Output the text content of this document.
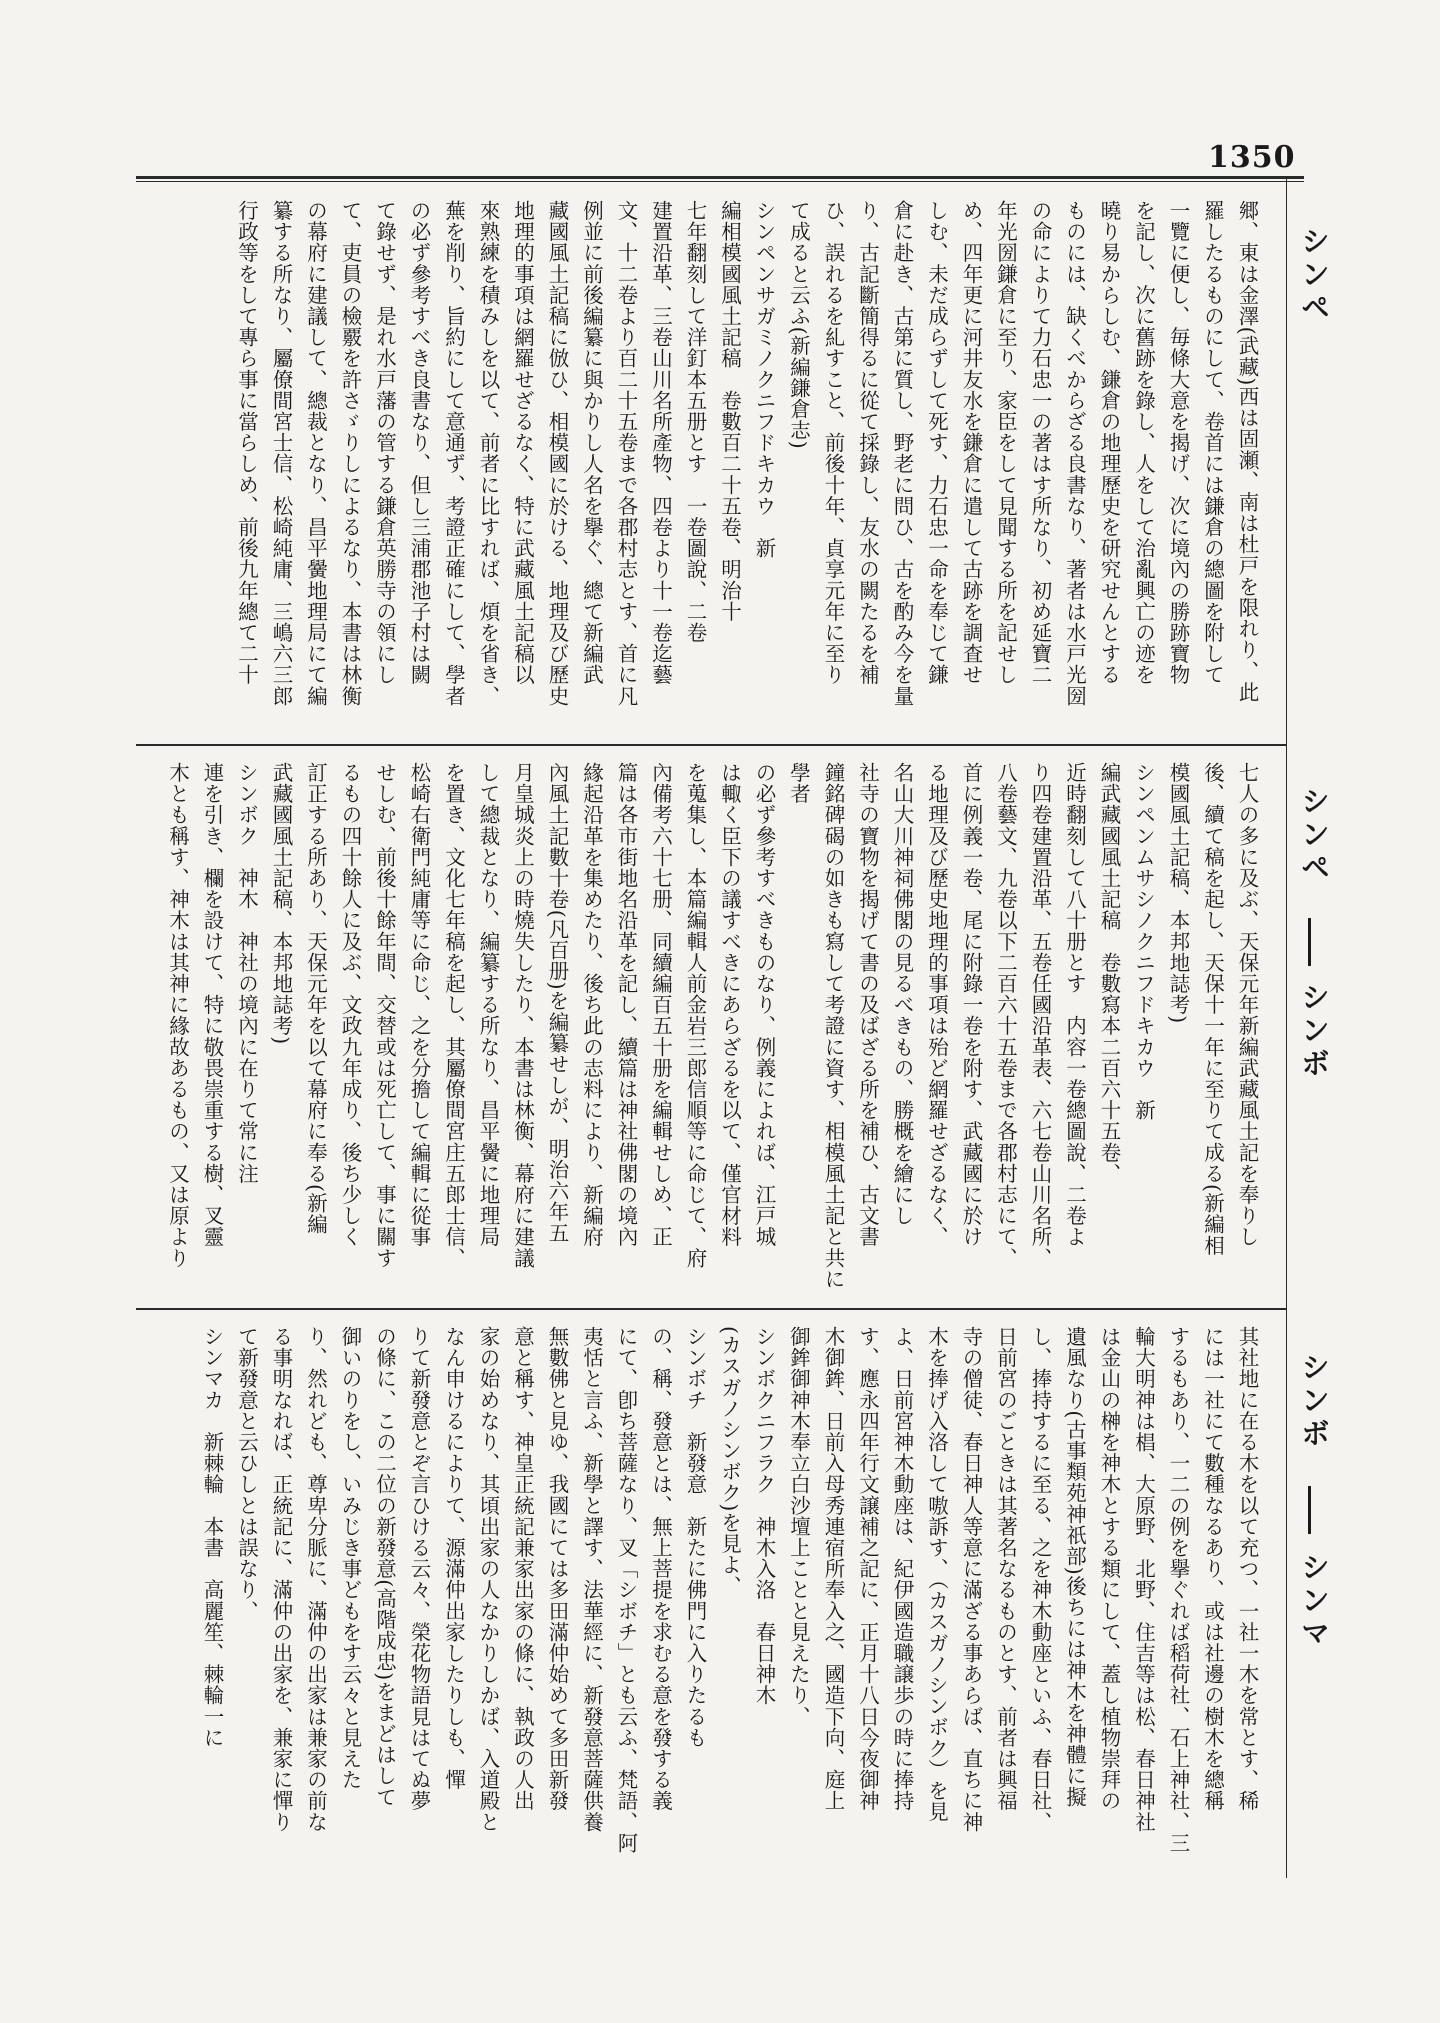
1350
シンペ
シンペ
シンボ
シンボ
シンマ
郷、東は金澤(武藏)西は固瀬、南は杜戸を限れり、此
羅したるものにして、卷首には鎌倉の總圖を附して
一覽に便し、毎條大意を揭げ、次に境內の勝跡寶物
を記し、次に舊跡を錄し、人をして治亂興亡の迹を
曉り易からしむ、鎌倉の地理歷史を研究せんとする
ものには、缺くべからざる良書なり、著者は水戸光圀
の命によりて力石忠一の著はす所なり、初め延寶二
年光圀鎌倉に至り、家臣をして見聞する所を記せし
め、四年更に河井友水を鎌倉に遣して古跡を調査せ
しむ、未だ成らずして死す、力石忠一命を奉じて鎌
倉に赴き、古第に質し、野老に問ひ、古を酌み今を量
り、古記斷簡得るに從て採錄し、友水の闕たるを補
ひ、誤れるを糺すこと、前後十年、貞享元年に至り
て成ると云ふ(新編鎌倉志)
シンペンサガミノクニフドキカウ　新
編相模國風土記稿　卷數百二十五卷、明治十
七年翻刻して洋釘本五册とす　一卷圖說、二卷
建置沿革、三卷山川名所產物、四卷より十一卷迄藝
文、十二卷より百二十五卷まで各郡村志とす、首に凡
例並に前後編纂に與かりし人名を擧ぐ、總て新編武
藏國風土記稿に倣ひ、相模國に於ける、地理及び歷史
地理的事項は網羅せざるなく、特に武藏風土記稿以
來熟練を積みしを以て、前者に比すれば、煩を省き、
蕪を削り、旨約にして意通ず、考證正確にして、學者
の必ず參考すべき良書なり、但し三浦郡池子村は闕
て錄せず、是れ水戸藩の管する鎌倉英勝寺の領にし
て、吏員の檢覈を許さゞりしによるなり、本書は林衡
の幕府に建議して、總裁となり、昌平黌地理局にて編
纂する所なり、屬僚間宮士信、松崎純庸、三嶋六三郎
行政等をして專ら事に當らしめ、前後九年總て二十
七人の多に及ぶ、天保元年新編武藏風土記を奉りし
後、續て稿を起し、天保十一年に至りて成る(新編相
模國風土記稿、本邦地誌考)
シンペンムサシノクニフドキカウ　新
編武藏國風土記稿　卷數寫本二百六十五卷、
近時翻刻して八十册とす　内容一卷總圖說、二卷よ
り四卷建置沿革、五卷任國沿革表、六七卷山川名所、
八卷藝文、九卷以下二百六十五卷まで各郡村志にて、
首に例義一卷、尾に附錄一卷を附す、武藏國に於け
る地理及び歷史地理的事項は殆ど網羅せざるなく、
名山大川神祠佛閣の見るべきもの、勝概を繪にし
社寺の寶物を揭げて書の及ばざる所を補ひ、古文書
鐘銘碑碣の如きも寫して考證に資す、相模風土記と共に學者
の必ず參考すべきものなり、例義によれば、江戸城
は輙く臣下の議すべきにあらざるを以て、僅官材料
を蒐集し、本篇編輯人前金岩三郎信順等に命じて、府
內備考六十七册、同續編百五十册を編輯せしめ、正
篇は各市街地名沿革を記し、續篇は神社佛閣の境內
緣起沿革を集めたり、後ち此の志料により、新編府
內風土記數十卷(凡百册)を編纂せしが、明治六年五
月皇城炎上の時燒失したり、本書は林衡、幕府に建議
して總裁となり、編纂する所なり、昌平黌に地理局
を置き、文化七年稿を起し、其屬僚間宮庄五郎士信、
松崎右衛門純庸等に命じ、之を分擔して編輯に從事
せしむ、前後十餘年間、交替或は死亡して、事に關す
るもの四十餘人に及ぶ、文政九年成り、後ち少しく
訂正する所あり、天保元年を以て幕府に奉る(新編
武藏國風土記稿、本邦地誌考)
シンボク　神木　神社の境內に在りて常に注
連を引き、欄を設けて、特に敬畏崇重する樹、叉靈
木とも稱す、神木は其神に緣故あるもの、又は原より
其社地に在る木を以て充つ、一社一木を常とす、稀
には一社にて數種なるあり、或は社邊の樹木を總稱
するもあり、一二の例を擧ぐれば稻荷社、石上神社、三
輪大明神は椙、大原野、北野、住吉等は松、春日神社
は金山の榊を神木とする類にして、蓋し植物崇拜の
遺風なり(古事類苑神祇部)後ちには神木を神體に擬
し、捧持するに至る、之を神木動座といふ、春日社、
日前宮のごときは其著名なるものとす、前者は興福
寺の僧徒、春日神人等意に滿ざる事あらば、直ちに神
木を捧げ入洛して嗷訴す、（カスガノシンボク）を見
よ、日前宮神木動座は、紀伊國造職譲歩の時に捧持
す、應永四年行文譲補之記に、正月十八日今夜御神
木御鉾、日前入母秀連宿所奉入之、國造下向、庭上
御鉾御神木奉立白沙壇上ことと見えたり、
シンボクニフラク　神木入洛　春日神木
(カスガノシンボク)を見よ、
シンボチ　新發意　新たに佛門に入りたるも
の、稱、發意とは、無上菩提を求むる意を發する義
にて、卽ち菩薩なり、叉「シボチ」とも云ふ、梵語、阿
夷恬と言ふ、新學と譯す、法華經に、新發意菩薩供養
無數佛と見ゆ、我國にては多田滿仲始めて多田新發
意と稱す、神皇正統記兼家出家の條に、執政の人出
家の始めなり、其頃出家の人なかりしかば、入道殿と
なん申けるによりて、源滿仲出家したりしも、憚
りて新發意とぞ言ひける云々、榮花物語見はてぬ夢
の條に、この二位の新發意(高階成忠)をまどはして
御いのりをし、いみじき事どもをす云々と見えた
り、然れども、尊卑分脈に、滿仲の出家は兼家の前な
る事明なれば、正統記に、滿仲の出家を、兼家に憚り
て新發意と云ひしとは誤なり、
シンマカ　新棘輪　本書　高麗笙、棘輪一に
